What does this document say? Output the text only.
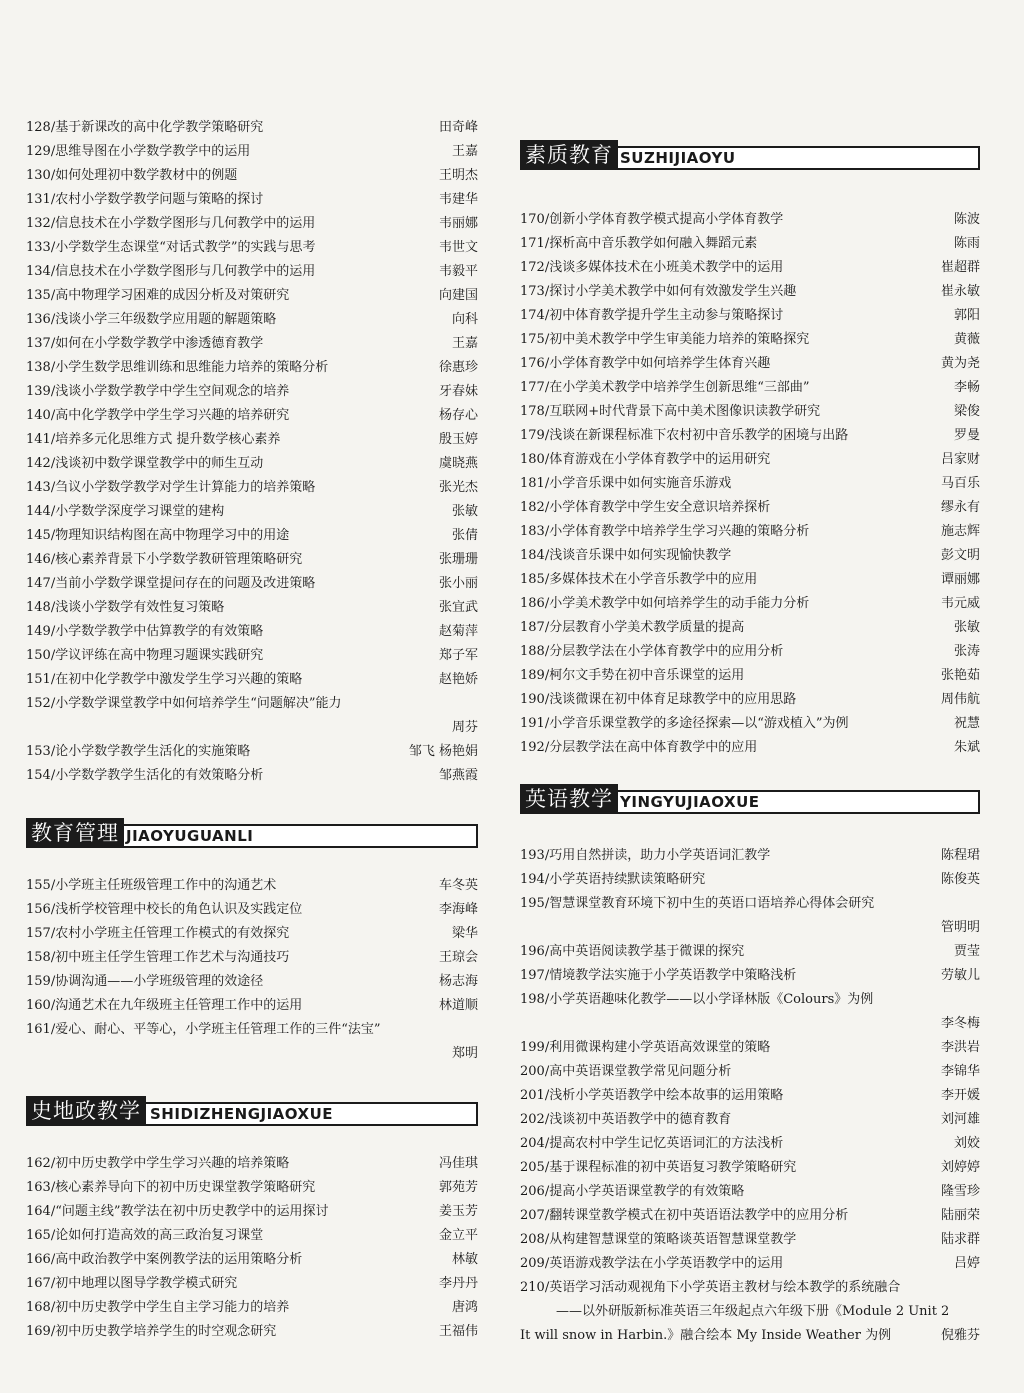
128 / 基于新课改的高中化学教学策略研究	田奇峰
129 / 思维导图在小学数学教学中的运用	王嘉
130 / 如何处理初中数学教材中的例题	王明杰
131 / 农村小学数学教学问题与策略的探讨	韦建华
132 / 信息技术在小学数学图形与几何教学中的运用	韦丽娜
133 / 小学数学生态课堂“对话式教学”的实践与思考	韦世文
134 / 信息技术在小学数学图形与几何教学中的运用	韦毅平
135 / 高中物理学习困难的成因分析及对策研究	向建国
136 / 浅谈小学三年级数学应用题的解题策略	向科
137 / 如何在小学数学教学中渗透德育教学	王嘉
138 / 小学生数学思维训练和思维能力培养的策略分析	徐惠珍
139 / 浅谈小学数学教学中学生空间观念的培养	牙春妹
140 / 高中化学教学中学生学习兴趣的培养研究	杨存心
141 / 培养多元化思维方式 提升数学核心素养	殷玉婷
142 / 浅谈初中数学课堂教学中的师生互动	虞晓燕
143 / 刍议小学数学教学对学生计算能力的培养策略	张光杰
144 / 小学数学深度学习课堂的建构	张敏
145 / 物理知识结构图在高中物理学习中的用途	张倩
146 / 核心素养背景下小学数学教研管理策略研究	张珊珊
147 / 当前小学数学课堂提问存在的问题及改进策略	张小丽
148 / 浅谈小学数学有效性复习策略	张宜武
149 / 小学数学教学中估算教学的有效策略	赵菊萍
150 / 学议评练在高中物理习题课实践研究	郑子军
151 / 在初中化学教学中激发学生学习兴趣的策略	赵艳娇
152 / 小学数学课堂教学中如何培养学生“问题解决”能力
周芬
153 / 论小学数学教学生活化的实施策略	邹飞 杨艳娟
154 / 小学数学教学生活化的有效策略分析	邹燕霞
教育管理 JIAOYUGUANLI
155 / 小学班主任班级管理工作中的沟通艺术	车冬英
156 / 浅析学校管理中校长的角色认识及实践定位	李海峰
157 / 农村小学班主任管理工作模式的有效探究	梁华
158 / 初中班主任学生管理工作艺术与沟通技巧	王琼会
159 / 协调沟通——小学班级管理的效途径	杨志海
160 / 沟通艺术在九年级班主任管理工作中的运用	林道顺
161 / 爱心、耐心、平等心，小学班主任管理工作的三件“法宝”
郑明
史地政教学 SHIDIZHENGJIAOXUE
162 / 初中历史教学中学生学习兴趣的培养策略	冯佳琪
163 / 核心素养导向下的初中历史课堂教学策略研究	郭苑芳
164 / “问题主线”教学法在初中历史教学中的运用探讨	姜玉芳
165 / 论如何打造高效的高三政治复习课堂	金立平
166 / 高中政治教学中案例教学法的运用策略分析	林敏
167 / 初中地理以图导学教学模式研究	李丹丹
168 / 初中历史教学中学生自主学习能力的培养	唐鸿
169 / 初中历史教学培养学生的时空观念研究	王福伟
素质教育 SUZHIJIAOYU
170 / 创新小学体育教学模式提高小学体育教学	陈波
171 / 探析高中音乐教学如何融入舞蹈元素	陈雨
172 / 浅谈多媒体技术在小班美术教学中的运用	崔超群
173 / 探讨小学美术教学中如何有效激发学生兴趣	崔永敏
174 / 初中体育教学提升学生主动参与策略探讨	郭阳
175 / 初中美术教学中学生审美能力培养的策略探究	黄薇
176 / 小学体育教学中如何培养学生体育兴趣	黄为尧
177 / 在小学美术教学中培养学生创新思维“三部曲”	李畅
178 / 互联网+时代背景下高中美术图像识读教学研究	梁俊
179 / 浅谈在新课程标准下农村初中音乐教学的困境与出路	罗曼
180 / 体育游戏在小学体育教学中的运用研究	吕家财
181 / 小学音乐课中如何实施音乐游戏	马百乐
182 / 小学体育教学中学生安全意识培养探析	缪永有
183 / 小学体育教学中培养学生学习兴趣的策略分析	施志辉
184 / 浅谈音乐课中如何实现愉快教学	彭文明
185 / 多媒体技术在小学音乐教学中的应用	谭丽娜
186 / 小学美术教学中如何培养学生的动手能力分析	韦元威
187 / 分层教育小学美术教学质量的提高	张敏
188 / 分层教学法在小学体育教学中的应用分析	张涛
189 / 柯尔文手势在初中音乐课堂的运用	张艳茹
190 / 浅谈微课在初中体育足球教学中的应用思路	周伟航
191 / 小学音乐课堂教学的多途径探索—以“游戏植入”为例	祝慧
192 / 分层教学法在高中体育教学中的应用	朱斌
英语教学 YINGYUJIAOXUE
193 / 巧用自然拼读，助力小学英语词汇教学	陈程珺
194 / 小学英语持续默读策略研究	陈俊英
195 / 智慧课堂教育环境下初中生的英语口语培养心得体会研究
管明明
196 / 高中英语阅读教学基于微课的探究	贾莹
197 / 情境教学法实施于小学英语教学中策略浅析	劳敏儿
198 / 小学英语趣味化教学——以小学译林版《Colours》为例
李冬梅
199 / 利用微课构建小学英语高效课堂的策略	李洪岩
200 / 高中英语课堂教学常见问题分析	李锦华
201 / 浅析小学英语教学中绘本故事的运用策略	李开媛
202 / 浅谈初中英语教学中的德育教育	刘河雄
204 / 提高农村中学生记忆英语词汇的方法浅析	刘姣
205 / 基于课程标准的初中英语复习教学策略研究	刘婷婷
206 / 提高小学英语课堂教学的有效策略	隆雪珍
207 / 翻转课堂教学模式在初中英语语法教学中的应用分析	陆丽荣
208 / 从构建智慧课堂的策略谈英语智慧课堂教学	陆求群
209 / 英语游戏教学法在小学英语教学中的运用	吕婷
210 / 英语学习活动观视角下小学英语主教材与绘本教学的系统融合
——以外研版新标准英语三年级起点六年级下册《Module 2 Unit 2
It will snow in Harbin.》融合绘本 My Inside Weather 为例	倪雅芬
